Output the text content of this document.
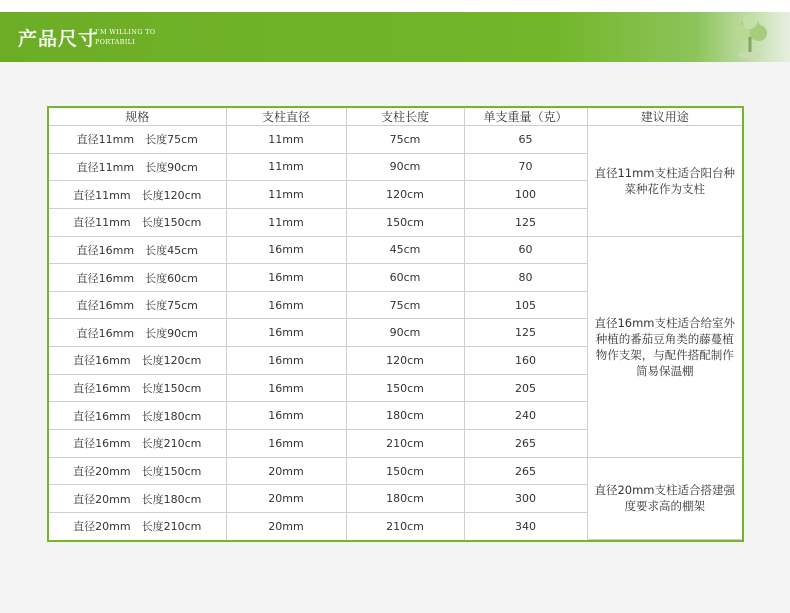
产品尺寸
I'M WILLING TO
PORTABILI
规格	支柱直径	支柱长度	单支重量（克）	建议用途
直径11mm　长度75cm	11mm	75cm	65	直径11mm支柱适合阳台种菜种花作为支柱
直径11mm　长度90cm	11mm	90cm	70	
直径11mm　长度120cm	11mm	120cm	100	
直径11mm　长度150cm	11mm	150cm	125	
直径16mm　长度45cm	16mm	45cm	60	直径16mm支柱适合给室外种植的番茄豆角类的藤蔓植物作支架，与配件搭配制作简易保温棚
直径16mm　长度60cm	16mm	60cm	80	
直径16mm　长度75cm	16mm	75cm	105	
直径16mm　长度90cm	16mm	90cm	125	
直径16mm　长度120cm	16mm	120cm	160	
直径16mm　长度150cm	16mm	150cm	205	
直径16mm　长度180cm	16mm	180cm	240	
直径16mm　长度210cm	16mm	210cm	265	
直径20mm　长度150cm	20mm	150cm	265	直径20mm支柱适合搭建强度要求高的棚架
直径20mm　长度180cm	20mm	180cm	300	
直径20mm　长度210cm	20mm	210cm	340	
